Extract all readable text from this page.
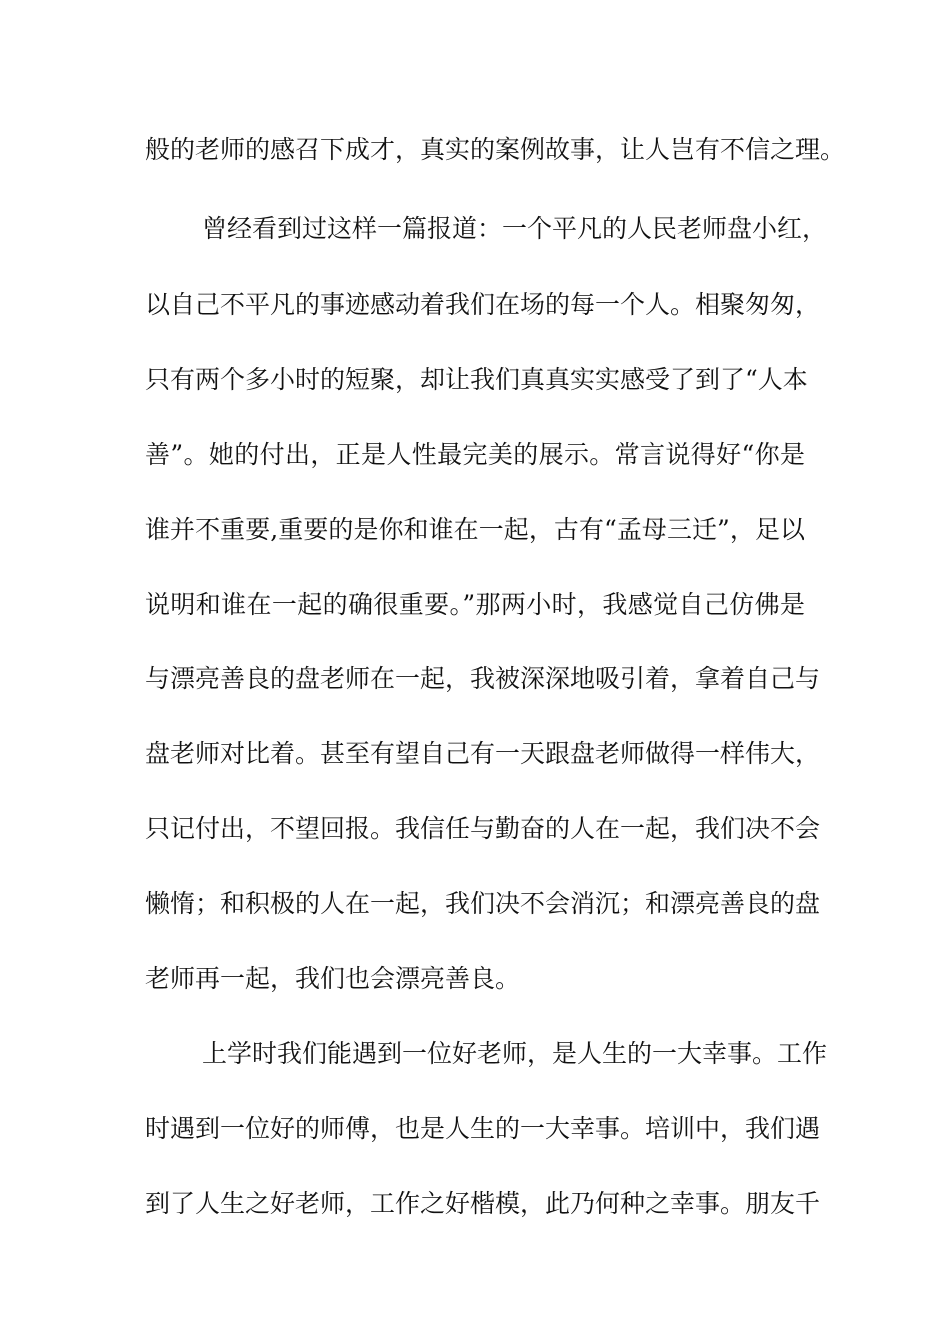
般的老师的感召下成才，真实的案例故事，让人岂有不信之理。
曾经看到过这样一篇报道：一个平凡的人民老师盘小红，
以自己不平凡的事迹感动着我们在场的每一个人。相聚匆匆，
只有两个多小时的短聚，却让我们真真实实感受了到了“人本
善”。她的付出，正是人性最完美的展示。常言说得好“你是
谁并不重要,重要的是你和谁在一起，古有“孟母三迁”，足以
说明和谁在一起的确很重要。”那两小时，我感觉自己仿佛是
与漂亮善良的盘老师在一起，我被深深地吸引着，拿着自己与
盘老师对比着。甚至有望自己有一天跟盘老师做得一样伟大，
只记付出，不望回报。我信任与勤奋的人在一起，我们决不会
懒惰；和积极的人在一起，我们决不会消沉；和漂亮善良的盘
老师再一起，我们也会漂亮善良。
上学时我们能遇到一位好老师，是人生的一大幸事。工作
时遇到一位好的师傅，也是人生的一大幸事。培训中，我们遇
到了人生之好老师，工作之好楷模，此乃何种之幸事。朋友千
